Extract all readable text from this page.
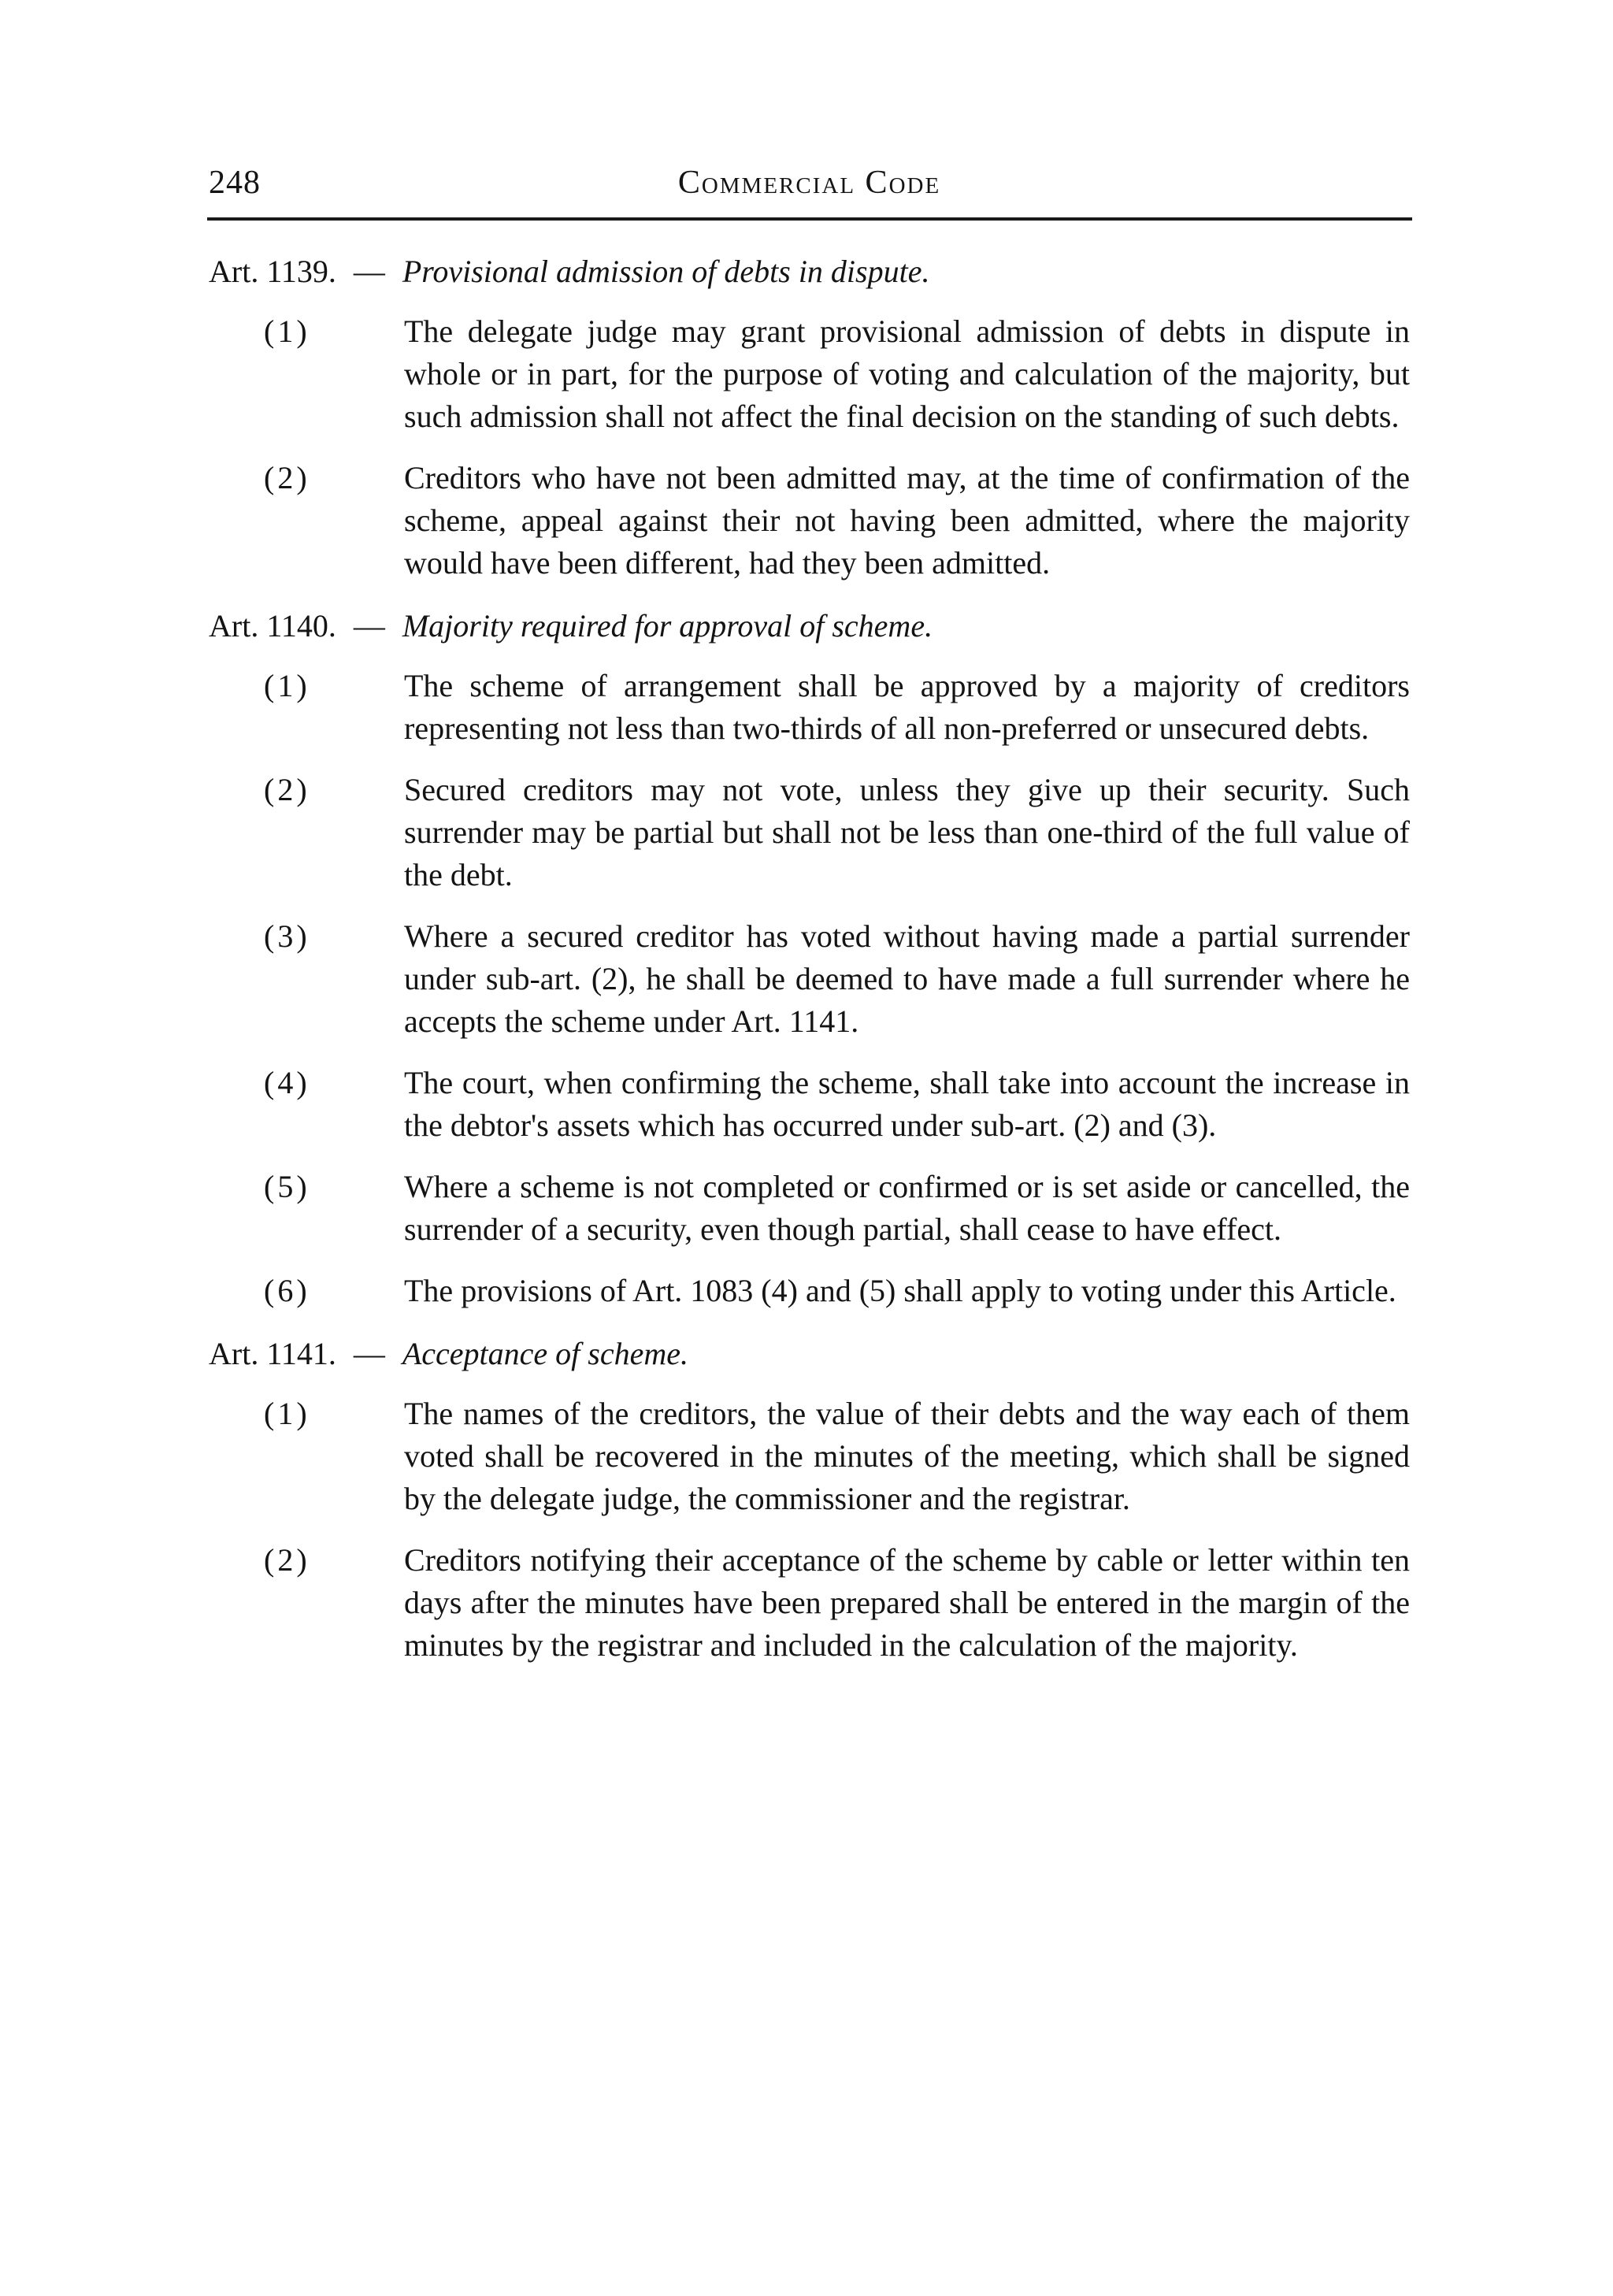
248	Commercial Code
Art. 1139. — Provisional admission of debts in dispute.
(1)	The delegate judge may grant provisional admission of debts in dispute in whole or in part, for the purpose of voting and calculation of the majority, but such admission shall not affect the final decision on the standing of such debts.
(2)	Creditors who have not been admitted may, at the time of confirmation of the scheme, appeal against their not having been admitted, where the majority would have been different, had they been admitted.
Art. 1140. — Majority required for approval of scheme.
(1)	The scheme of arrangement shall be approved by a majority of creditors representing not less than two-thirds of all non-preferred or unsecured debts.
(2)	Secured creditors may not vote, unless they give up their security. Such surrender may be partial but shall not be less than one-third of the full value of the debt.
(3)	Where a secured creditor has voted without having made a partial surrender under sub-art. (2), he shall be deemed to have made a full surrender where he accepts the scheme under Art. 1141.
(4)	The court, when confirming the scheme, shall take into account the increase in the debtor's assets which has occurred under sub-art. (2) and (3).
(5)	Where a scheme is not completed or confirmed or is set aside or cancelled, the surrender of a security, even though partial, shall cease to have effect.
(6)	The provisions of Art. 1083 (4) and (5) shall apply to voting under this Article.
Art. 1141. — Acceptance of scheme.
(1)	The names of the creditors, the value of their debts and the way each of them voted shall be recovered in the minutes of the meeting, which shall be signed by the delegate judge, the commissioner and the registrar.
(2)	Creditors notifying their acceptance of the scheme by cable or letter within ten days after the minutes have been prepared shall be entered in the margin of the minutes by the registrar and included in the calculation of the majority.
